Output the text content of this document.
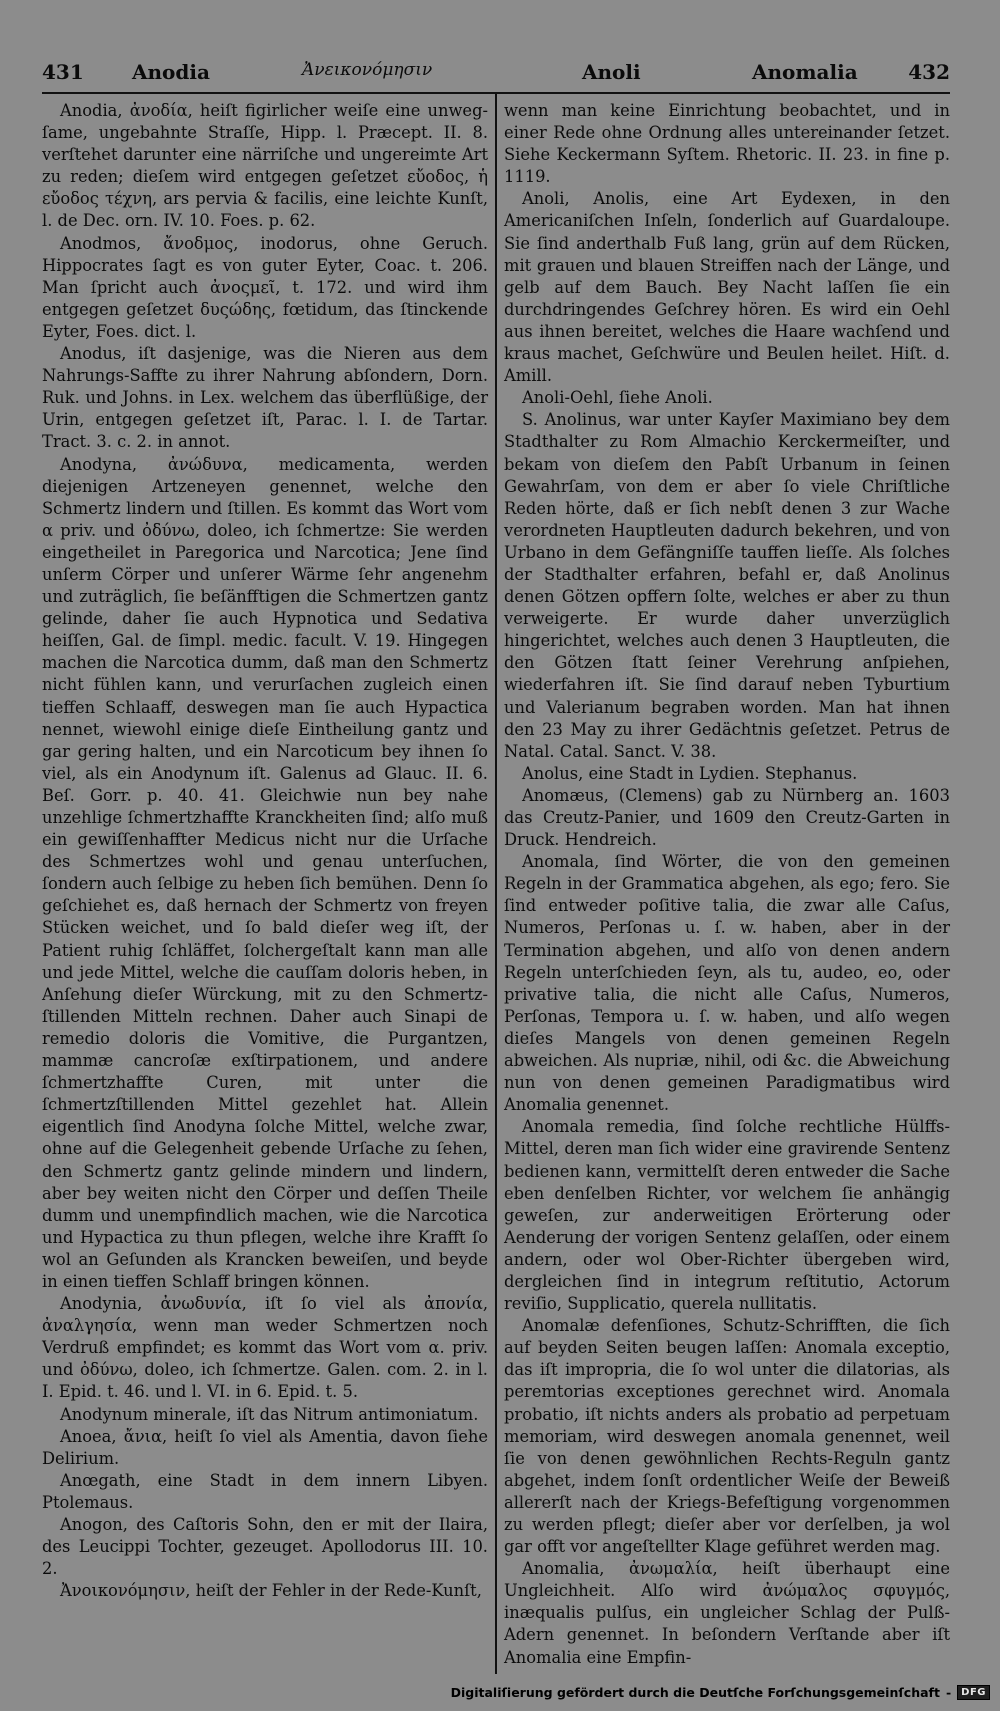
431 Anodia	Ἀνεικονόμησιν	Anoli	Anomalia	432

Anodia, ἀνοδία, heiſt figirlicher weiſe eine unweg-ſame, ungebahnte Straſſe, Hipp. l. Præcept. II. 8. verſtehet darunter eine närriſche und ungereimte Art zu reden; dieſem wird entgegen geſetzet εὔοδος, ἡ εὔοδος τέχνη, ars pervia & facilis, eine leichte Kunſt, l. de Dec. orn. IV. 10. Foes. p. 62.

Anodmos, ἄνοδμος, inodorus, ohne Geruch. Hippocrates ſagt es von guter Eyter, Coac. t. 206. Man ſpricht auch ἀνοςμεῖ, t. 172. und wird ihm entgegen geſetzet δυςώδης, fœtidum, das ſtinckende Eyter, Foes. dict. l.

Anodus, iſt dasjenige, was die Nieren aus dem Nahrungs-Saffte zu ihrer Nahrung abſondern, Dorn. Ruk. und Johns. in Lex. welchem das überflüßige, der Urin, entgegen geſetzet iſt, Parac. l. I. de Tartar. Tract. 3. c. 2. in annot.

Anodyna, ἀνώδυνα, medicamenta, werden diejenigen Artzeneyen genennet, welche den Schmertz lindern und ſtillen. Es kommt das Wort vom α priv. und ὀδύνω, doleo, ich ſchmertze: Sie werden eingetheilet in Paregorica und Narcotica; Jene ſind unſerm Cörper und unſerer Wärme ſehr angenehm und zuträglich, ſie beſänfftigen die Schmertzen gantz gelinde, daher ſie auch Hypnotica und Sedativa heiſſen, Gal. de ſimpl. medic. facult. V. 19. Hingegen machen die Narcotica dumm, daß man den Schmertz nicht fühlen kann, und verurſachen zugleich einen tieffen Schlaaff, deswegen man ſie auch Hypactica nennet, wiewohl einige dieſe Eintheilung gantz und gar gering halten, und ein Narcoticum bey ihnen ſo viel, als ein Anodynum iſt. Galenus ad Glauc. II. 6. Beſ. Gorr. p. 40. 41. Gleichwie nun bey nahe unzehlige ſchmertzhaffte Kranckheiten ſind; alſo muß ein gewiſſenhaffter Medicus nicht nur die Urſache des Schmertzes wohl und genau unterſuchen, ſondern auch ſelbige zu heben ſich bemühen. Denn ſo geſchiehet es, daß hernach der Schmertz von freyen Stücken weichet, und ſo bald dieſer weg iſt, der Patient ruhig ſchläffet, ſolchergeſtalt kann man alle und jede Mittel, welche die cauſſam doloris heben, in Anſehung dieſer Würckung, mit zu den Schmertz-ſtillenden Mitteln rechnen. Daher auch Sinapi de remedio doloris die Vomitive, die Purgantzen, mammæ cancroſæ exſtirpationem, und andere ſchmertzhaffte Curen, mit unter die ſchmertzſtillenden Mittel gezehlet hat. Allein eigentlich ſind Anodyna ſolche Mittel, welche zwar, ohne auf die Gelegenheit gebende Urſache zu ſehen, den Schmertz gantz gelinde mindern und lindern, aber bey weiten nicht den Cörper und deſſen Theile dumm und unempfindlich machen, wie die Narcotica und Hypactica zu thun pflegen, welche ihre Krafft ſo wol an Geſunden als Krancken beweiſen, und beyde in einen tieffen Schlaff bringen können.

Anodynia, ἀνωδυνία, iſt ſo viel als ἀπονία, ἀναλγησία, wenn man weder Schmertzen noch Verdruß empfindet; es kommt das Wort vom α. priv. und ὀδύνω, doleo, ich ſchmertze. Galen. com. 2. in l. I. Epid. t. 46. und l. VI. in 6. Epid. t. 5.

Anodynum minerale, iſt das Nitrum antimoniatum.

Anoea, ἄνια, heiſt ſo viel als Amentia, davon ſiehe Delirium.

Anœgath, eine Stadt in dem innern Libyen. Ptolemaus.

Anogon, des Caſtoris Sohn, den er mit der Ilaira, des Leucippi Tochter, gezeuget. Apollodorus III. 10. 2.

Ἀνοικονόμησιν, heiſt der Fehler in der Rede-Kunſt,

wenn man keine Einrichtung beobachtet, und in einer Rede ohne Ordnung alles untereinander ſetzet. Siehe Keckermann Syſtem. Rhetoric. II. 23. in fine p. 1119.

Anoli, Anolis, eine Art Eydexen, in den Americaniſchen Inſeln, ſonderlich auf Guardaloupe. Sie ſind anderthalb Fuß lang, grün auf dem Rücken, mit grauen und blauen Streiffen nach der Länge, und gelb auf dem Bauch. Bey Nacht laſſen ſie ein durchdringendes Geſchrey hören. Es wird ein Oehl aus ihnen bereitet, welches die Haare wachſend und kraus machet, Geſchwüre und Beulen heilet. Hiſt. d. Amill.

Anoli-Oehl, ſiehe Anoli.

S. Anolinus, war unter Kayſer Maximiano bey dem Stadthalter zu Rom Almachio Kerckermeiſter, und bekam von dieſem den Pabſt Urbanum in ſeinen Gewahrſam, von dem er aber ſo viele Chriſtliche Reden hörte, daß er ſich nebſt denen 3 zur Wache verordneten Hauptleuten dadurch bekehren, und von Urbano in dem Gefängniſſe tauffen lieſſe. Als ſolches der Stadthalter erfahren, befahl er, daß Anolinus denen Götzen opffern ſolte, welches er aber zu thun verweigerte. Er wurde daher unverzüglich hingerichtet, welches auch denen 3 Hauptleuten, die den Götzen ſtatt ſeiner Verehrung anſpiehen, wiederfahren iſt. Sie ſind darauf neben Tyburtium und Valerianum begraben worden. Man hat ihnen den 23 May zu ihrer Gedächtnis geſetzet. Petrus de Natal. Catal. Sanct. V. 38.

Anolus, eine Stadt in Lydien. Stephanus.

Anomæus, (Clemens) gab zu Nürnberg an. 1603 das Creutz-Panier, und 1609 den Creutz-Garten in Druck. Hendreich.

Anomala, ſind Wörter, die von den gemeinen Regeln in der Grammatica abgehen, als ego; fero. Sie ſind entweder poſitive talia, die zwar alle Caſus, Numeros, Perſonas u. ſ. w. haben, aber in der Termination abgehen, und alſo von denen andern Regeln unterſchieden ſeyn, als tu, audeo, eo, oder privative talia, die nicht alle Caſus, Numeros, Perſonas, Tempora u. ſ. w. haben, und alſo wegen dieſes Mangels von denen gemeinen Regeln abweichen. Als nupriæ, nihil, odi &c. die Abweichung nun von denen gemeinen Paradigmatibus wird Anomalia genennet.

Anomala remedia, ſind ſolche rechtliche Hülffs-Mittel, deren man ſich wider eine gravirende Sentenz bedienen kann, vermittelſt deren entweder die Sache eben denſelben Richter, vor welchem ſie anhängig geweſen, zur anderweitigen Erörterung oder Aenderung der vorigen Sentenz gelaſſen, oder einem andern, oder wol Ober-Richter übergeben wird, dergleichen ſind in integrum reſtitutio, Actorum reviſio, Supplicatio, querela nullitatis.

Anomalæ defenſiones, Schutz-Schrifften, die ſich auf beyden Seiten beugen laſſen: Anomala exceptio, das iſt impropria, die ſo wol unter die dilatorias, als peremtorias exceptiones gerechnet wird. Anomala probatio, iſt nichts anders als probatio ad perpetuam memoriam, wird deswegen anomala genennet, weil ſie von denen gewöhnlichen Rechts-Reguln gantz abgehet, indem ſonſt ordentlicher Weiſe der Beweiß allererſt nach der Kriegs-Befeſtigung vorgenommen zu werden pflegt; dieſer aber vor derſelben, ja wol gar offt vor angeſtellter Klage geführet werden mag.

Anomalia, ἀνωμαλία, heiſt überhaupt eine Ungleichheit. Alſo wird ἀνώμαλος σφυγμός, inæqualis pulſus, ein ungleicher Schlag der Pulß-Adern genennet. In beſondern Verſtande aber iſt Anomalia eine Empfin-

Digitaliſierung gefördert durch die Deutſche Forſchungsgemeinſchaft -	DFG
